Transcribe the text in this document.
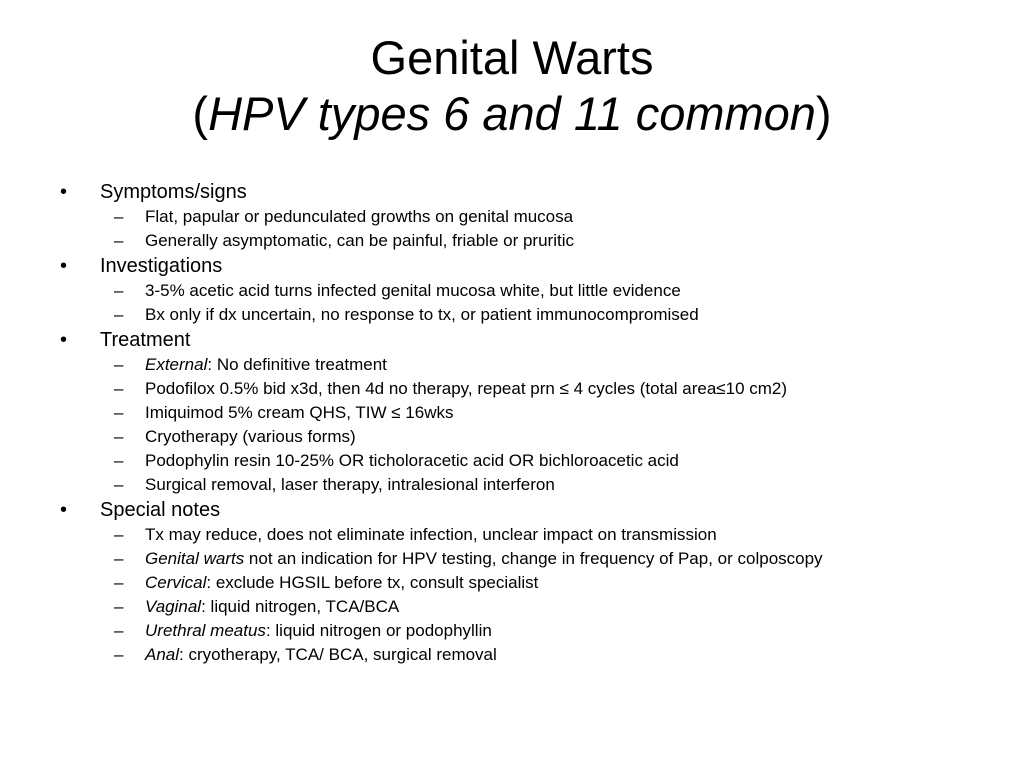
Genital Warts
(HPV types 6 and 11 common)
•	Symptoms/signs
–	Flat, papular or pedunculated growths on genital mucosa
–	Generally asymptomatic, can be painful, friable or pruritic
•	Investigations
–	3-5% acetic acid turns infected genital mucosa white, but little evidence
–	Bx only if dx uncertain, no response to tx, or patient immunocompromised
•	Treatment
–	External: No definitive treatment
–	Podofilox 0.5% bid x3d, then 4d no therapy, repeat prn ≤ 4 cycles (total area≤10 cm2)
–	Imiquimod 5% cream QHS, TIW ≤ 16wks
–	Cryotherapy (various forms)
–	Podophylin resin 10-25% OR ticholoracetic acid OR bichloroacetic acid
–	Surgical removal, laser therapy, intralesional interferon
•	Special notes
–	Tx may reduce, does not eliminate infection, unclear impact on transmission
–	Genital warts not an indication for HPV testing, change in frequency of Pap, or colposcopy
–	Cervical: exclude HGSIL before tx, consult specialist
–	Vaginal: liquid nitrogen, TCA/BCA
–	Urethral meatus: liquid nitrogen or podophyllin
–	Anal: cryotherapy, TCA/ BCA, surgical removal
